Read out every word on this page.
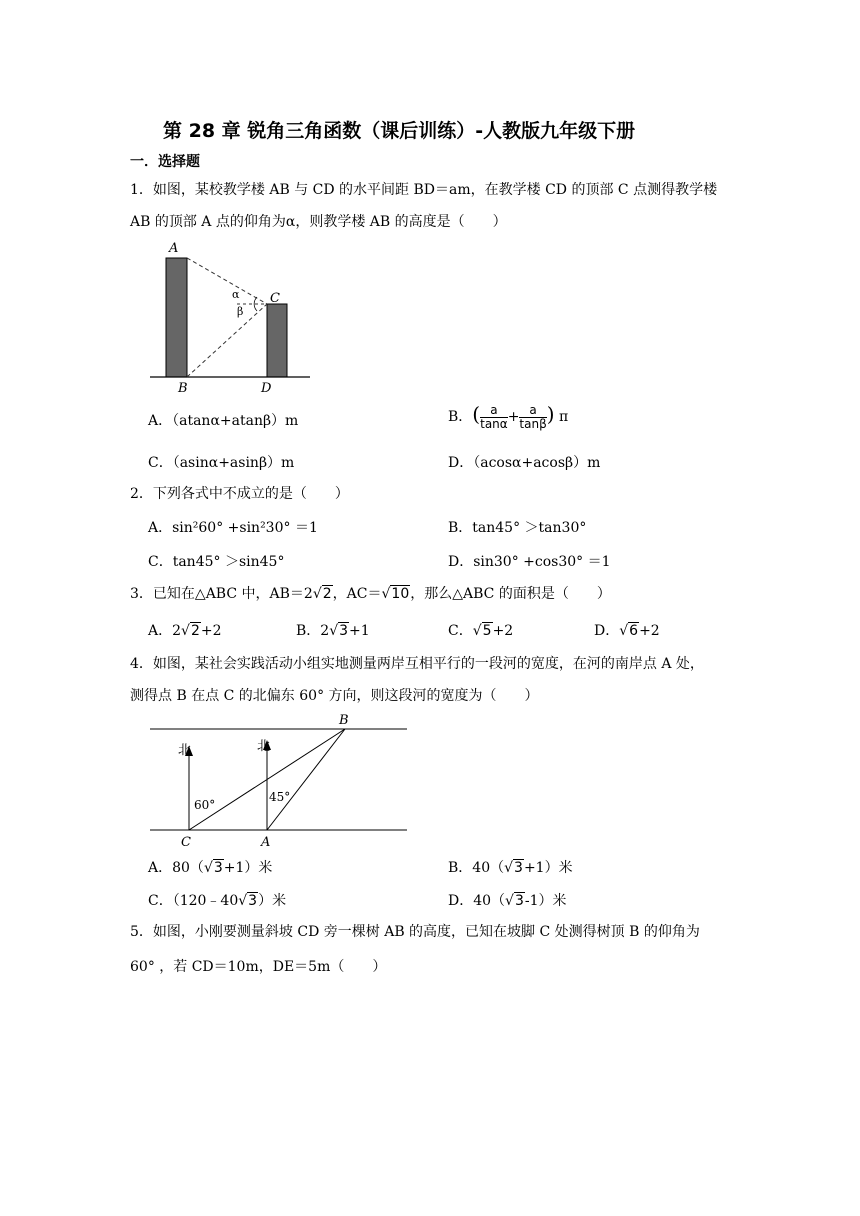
第 28 章 锐角三角函数（课后训练）-人教版九年级下册
一．选择题
1．如图，某校教学楼 AB 与 CD 的水平间距 BD＝am，在教学楼 CD 的顶部 C 点测得教学楼
AB 的顶部 A 点的仰角为α，则教学楼 AB 的高度是（　　）
A
B
C
D
α
β
A．（atanα+atanβ）m	B．( $\frac{a}{\tan\alpha} + \frac{a}{\tan\beta}$ ) π
C．（asinα+asinβ）m	D．（acosα+acosβ）m
2．下列各式中不成立的是（　　）
A．sin²60° +sin²30° ＝1	B．tan45° ＞tan30°
C．tan45° ＞sin45°	D．sin30° +cos30° ＝1
3．已知在△ABC 中，AB＝2√2，AC＝√10，那么△ABC 的面积是（　　）
A．2√2+2	B．2√3+1	C．√5+2	D．√6+2
4．如图，某社会实践活动小组实地测量两岸互相平行的一段河的宽度，在河的南岸点 A 处，
测得点 B 在点 C 的北偏东 60° 方向，则这段河的宽度为（　　）
B
C	A
北	北
60°
45°
A．80（√3+1）米	B．40（√3+1）米
C．（120﹣40√3）米	D．40（√3-1）米
5．如图，小刚要测量斜坡 CD 旁一棵树 AB 的高度，已知在坡脚 C 处测得树顶 B 的仰角为
60° ，若 CD＝10m，DE＝5m（　　）
